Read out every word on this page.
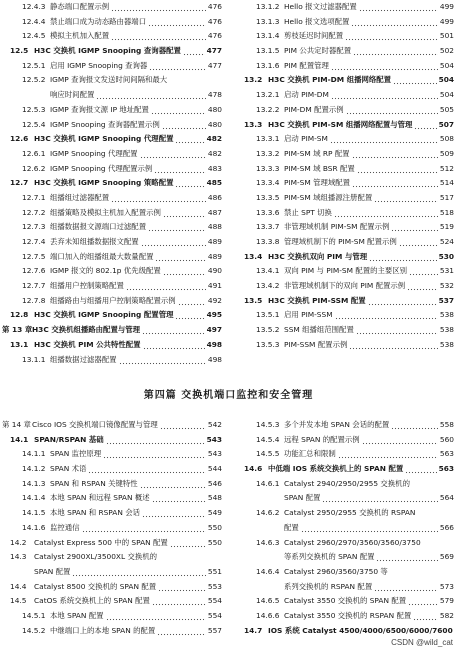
12.4.3 静态端口配置示例	476
12.4.4 禁止端口成为动态路由器端口	476
12.4.5 模拟主机加入配置	476
12.5 H3C 交换机 IGMP Snooping 查询器配置	477
12.5.1 启用 IGMP Snooping 查询器	477
12.5.2 IGMP 查询报文发送时间间隔和最大
响应时间配置	478
12.5.3 IGMP 查询报文源 IP 地址配置	480
12.5.4 IGMP Snooping 查询器配置示例	480
12.6 H3C 交换机 IGMP Snooping 代理配置	482
12.6.1 IGMP Snooping 代理配置	482
12.6.2 IGMP Snooping 代理配置示例	483
12.7 H3C 交换机 IGMP Snooping 策略配置	485
12.7.1 组播组过滤器配置	486
12.7.2 组播策略及模拟主机加入配置示例	487
12.7.3 组播数据报文源端口过滤配置	488
12.7.4 丢弃未知组播数据报文配置	489
12.7.5 端口加入的组播组最大数量配置	489
12.7.6 IGMP 报文的 802.1p 优先级配置	490
12.7.7 组播用户控制策略配置	491
12.7.8 组播路由与组播用户控制策略配置示例	492
12.8 H3C 交换机 IGMP Snooping 配置管理	495
第 13 章 H3C 交换机组播路由配置与管理	497
13.1 H3C 交换机 PIM 公共特性配置	498
13.1.1 组播数据过滤器配置	498
13.1.2 Hello 报文过滤器配置	499
13.1.3 Hello 报文选项配置	499
13.1.4 剪枝延迟时间配置	501
13.1.5 PIM 公共定时器配置	502
13.1.6 PIM 配置管理	504
13.2 H3C 交换机 PIM-DM 组播网络配置	504
13.2.1 启动 PIM-DM	504
13.2.2 PIM-DM 配置示例	505
13.3 H3C 交换机 PIM-SM 组播网络配置与管理	507
13.3.1 启动 PIM-SM	508
13.3.2 PIM-SM 域 RP 配置	509
13.3.3 PIM-SM 域 BSR 配置	512
13.3.4 PIM-SM 管理域配置	514
13.3.5 PIM-SM 域组播源注册配置	517
13.3.6 禁止 SPT 切换	518
13.3.7 非管理域机制 PIM-SM 配置示例	519
13.3.8 管理域机制下的 PIM-SM 配置示例	524
13.4 H3C 交换机双向 PIM 与管理	530
13.4.1 双向 PIM 与 PIM-SM 配置的主要区别	531
13.4.2 非管理域机制下的双向 PIM 配置示例	532
13.5 H3C 交换机 PIM-SSM 配置	537
13.5.1 启用 PIM-SSM	538
13.5.2 SSM 组播组范围配置	538
13.5.3 PIM-SSM 配置示例	538
第四篇 交换机端口监控和安全管理
第 14 章 Cisco IOS 交换机端口镜像配置与管理	542
14.1 SPAN/RSPAN 基础	543
14.1.1 SPAN 监控原理	543
14.1.2 SPAN 术语	544
14.1.3 SPAN 和 RSPAN 关键特性	546
14.1.4 本地 SPAN 和远程 SPAN 概述	548
14.1.5 本地 SPAN 和 RSPAN 会话	549
14.1.6 监控通信	550
14.2 Catalyst Express 500 中的 SPAN 配置	550
14.3 Catalyst 2900XL/3500XL 交换机的
SPAN 配置	551
14.4 Catalyst 8500 交换机的 SPAN 配置	553
14.5 CatOS 系统交换机上的 SPAN 配置	554
14.5.1 本地 SPAN 配置	554
14.5.2 中继端口上的本地 SPAN 的配置	557
14.5.3 多个并发本地 SPAN 会话的配置	558
14.5.4 远程 SPAN 的配置示例	560
14.5.5 功能汇总和限制	563
14.6 中低端 IOS 系统交换机上的 SPAN 配置	563
14.6.1 Catalyst 2940/2950/2955 交换机的
SPAN 配置	564
14.6.2 Catalyst 2950/2955 交换机的 RSPAN
配置	566
14.6.3 Catalyst 2960/2970/3560/3560/3750
等系列交换机的 SPAN 配置	569
14.6.4 Catalyst 2960/3560/3750 等
系列交换机的 RSPAN 配置	573
14.6.5 Catalyst 3550 交换机的 SPAN 配置	579
14.6.6 Catalyst 3550 交换机的 RSPAN 配置	582
14.7 IOS 系统 Catalyst 4500/4000/6500/6000/7600
CSDN @wild_cat
